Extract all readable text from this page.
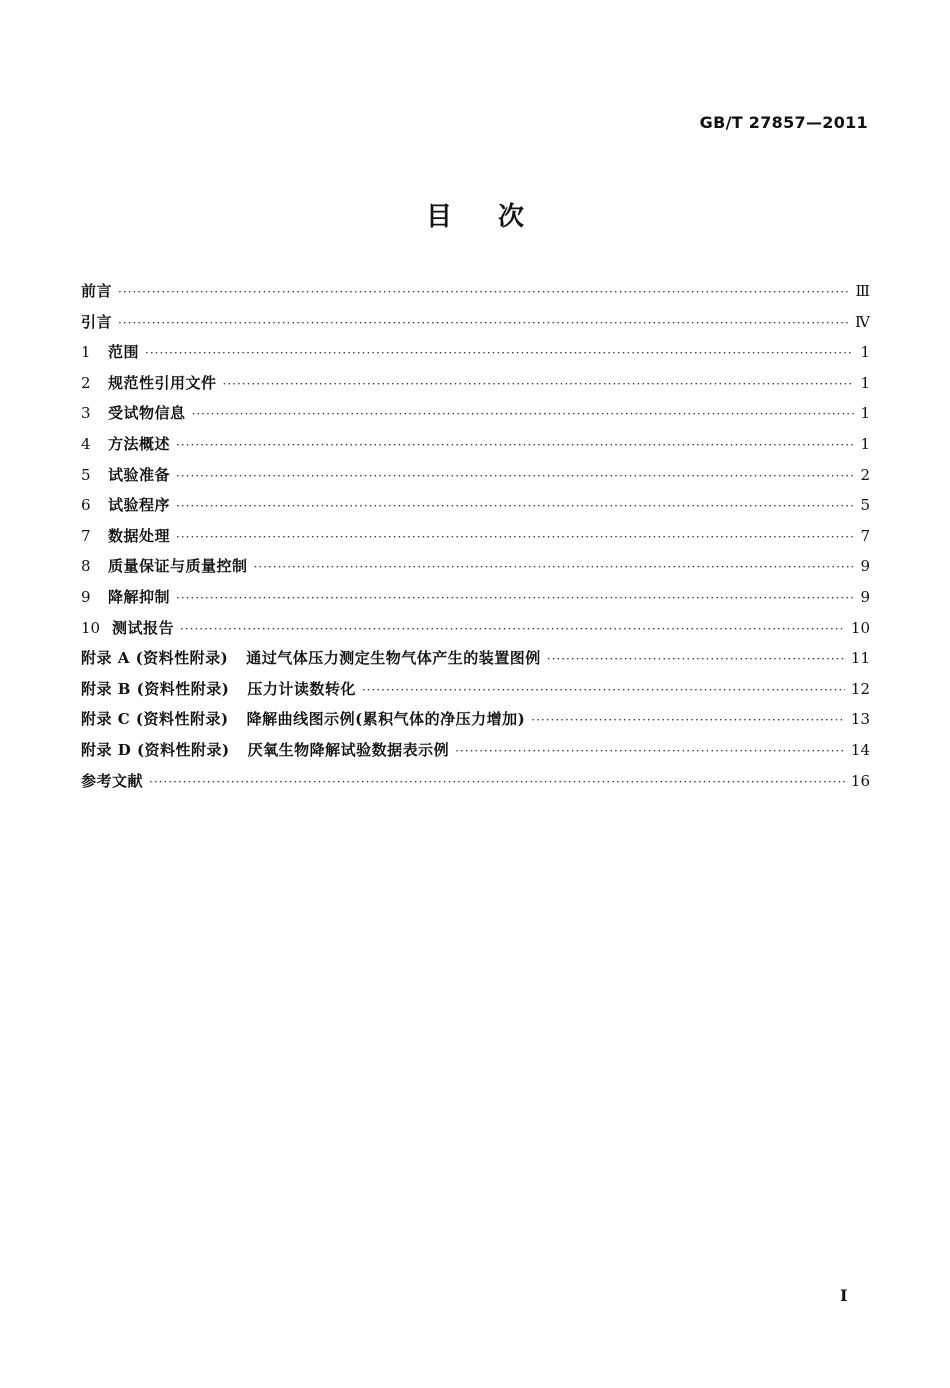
GB/T 27857—2011
目次
前言 ·····	Ⅲ
引言 ·····	Ⅳ
1	范围 ·····	1
2	规范性引用文件 ·····	1
3	受试物信息 ·····	1
4	方法概述 ·····	1
5	试验准备 ·····	2
6	试验程序 ·····	5
7	数据处理 ·····	7
8	质量保证与质量控制 ·····	9
9	降解抑制 ·····	9
10 测试报告 ·····	10
附录 A (资料性附录) 通过气体压力测定生物气体产生的装置图例 ·····	11
附录 B (资料性附录) 压力计读数转化 ·····	12
附录 C (资料性附录) 降解曲线图示例(累积气体的净压力增加) ·····	13
附录 D (资料性附录) 厌氧生物降解试验数据表示例 ·····	14
参考文献 ·····	16
Ⅰ
